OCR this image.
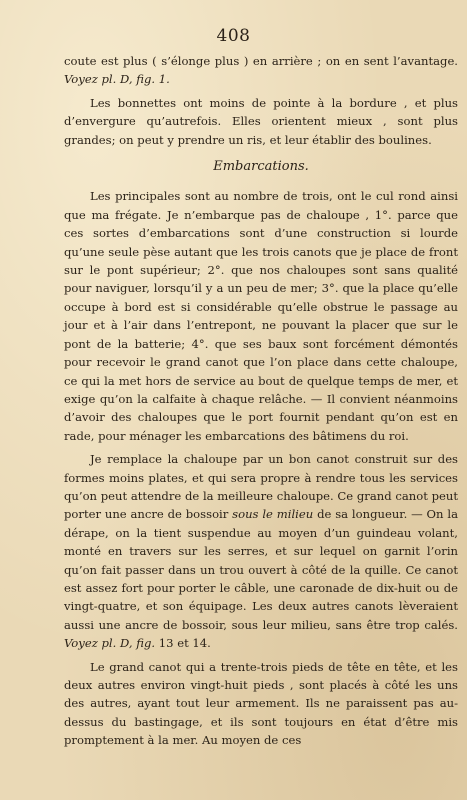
408

coute est plus ( s’élonge plus ) en arrière ; on en sent l’avantage. Voyez pl. D, fig. 1.

Les bonnettes ont moins de pointe à la bordure , et plus d’envergure qu’autrefois. Elles orientent mieux , sont plus grandes; on peut y prendre un ris, et leur établir des boulines.

Embarcations.

Les principales sont au nombre de trois, ont le cul rond ainsi que ma frégate. Je n’embarque pas de chaloupe , 1°. parce que ces sortes d’embarcations sont d’une construction si lourde qu’une seule pèse autant que les trois canots que je place de front sur le pont supérieur; 2°. que nos chaloupes sont sans qualité pour naviguer, lorsqu’il y a un peu de mer; 3°. que la place qu’elle occupe à bord est si considérable qu’elle obstrue le passage au jour et à l’air dans l’entrepont, ne pouvant la placer que sur le pont de la batterie; 4°. que ses baux sont forcément démontés pour recevoir le grand canot que l’on place dans cette chaloupe, ce qui la met hors de service au bout de quelque temps de mer, et exige qu’on la calfaite à chaque relâche. — Il convient néanmoins d’avoir des chaloupes que le port fournit pendant qu’on est en rade, pour ménager les embarcations des bâtimens du roi.

Je remplace la chaloupe par un bon canot construit sur des formes moins plates, et qui sera propre à rendre tous les services qu’on peut attendre de la meilleure chaloupe. Ce grand canot peut porter une ancre de bossoir sous le milieu de sa longueur. — On la dérape, on la tient suspendue au moyen d’un guindeau volant, monté en travers sur les serres, et sur lequel on garnit l’orin qu’on fait passer dans un trou ouvert à côté de la quille. Ce canot est assez fort pour porter le câble, une caronade de dix-huit ou de vingt-quatre, et son équipage. Les deux autres canots lèveraient aussi une ancre de bossoir, sous leur milieu, sans être trop calés. Voyez pl. D, fig. 13 et 14.

Le grand canot qui a trente-trois pieds de tête en tête, et les deux autres environ vingt-huit pieds , sont placés à côté les uns des autres, ayant tout leur armement. Ils ne paraissent pas au-dessus du bastingage, et ils sont toujours en état d’être mis promptement à la mer. Au moyen de ces
